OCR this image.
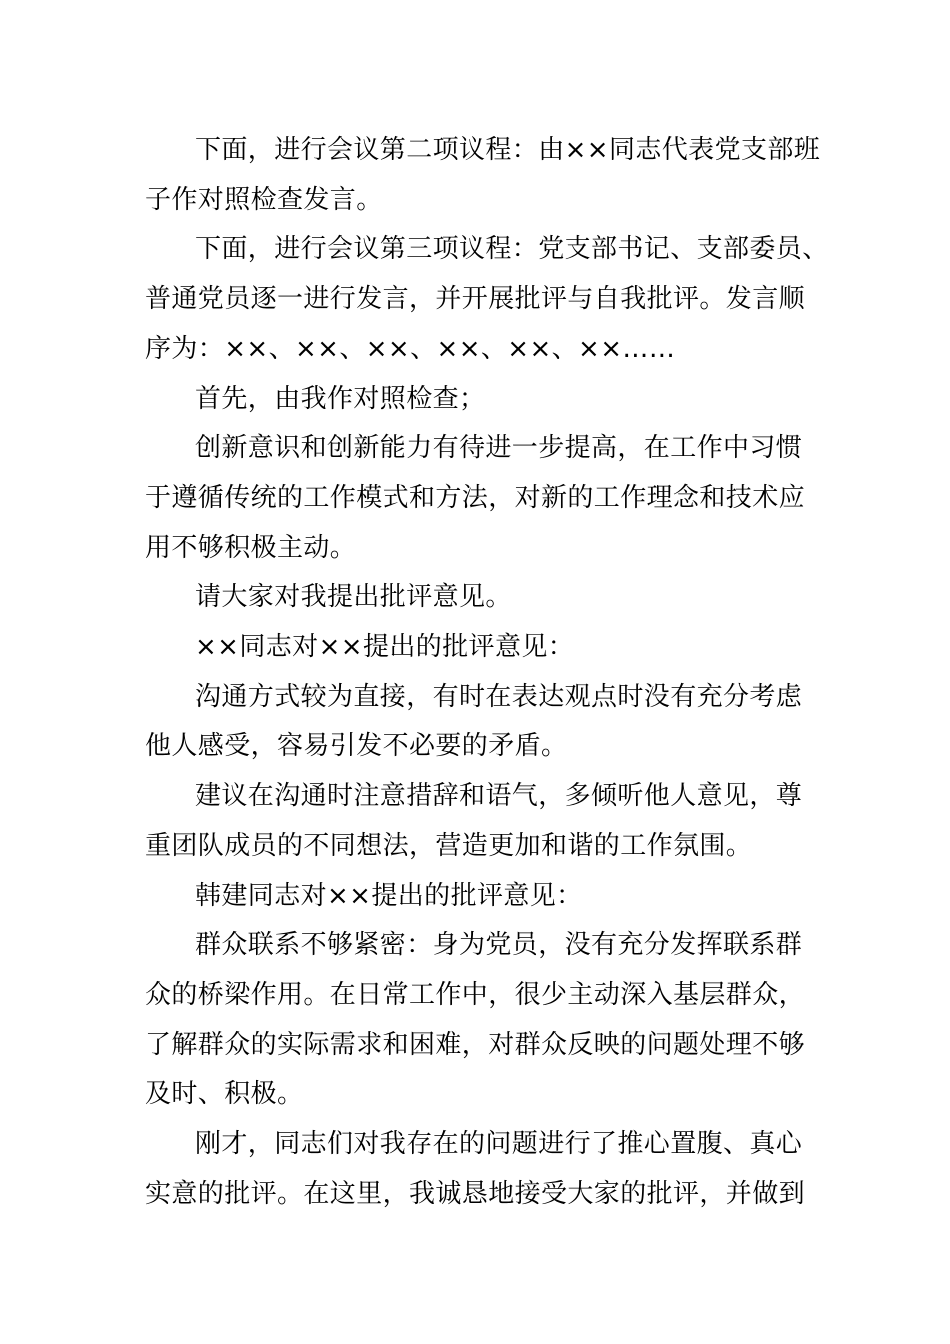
下面，进行会议第二项议程：由××同志代表党支部班
子作对照检查发言。

下面，进行会议第三项议程：党支部书记、支部委员、
普通党员逐一进行发言，并开展批评与自我批评。发言顺
序为：××、××、××、××、××、××……

首先，由我作对照检查；

创新意识和创新能力有待进一步提高，在工作中习惯
于遵循传统的工作模式和方法，对新的工作理念和技术应
用不够积极主动。

请大家对我提出批评意见。

××同志对××提出的批评意见：

沟通方式较为直接，有时在表达观点时没有充分考虑
他人感受，容易引发不必要的矛盾。

建议在沟通时注意措辞和语气，多倾听他人意见，尊
重团队成员的不同想法，营造更加和谐的工作氛围。

韩建同志对××提出的批评意见：

群众联系不够紧密：身为党员，没有充分发挥联系群
众的桥梁作用。在日常工作中，很少主动深入基层群众，
了解群众的实际需求和困难，对群众反映的问题处理不够
及时、积极。

刚才，同志们对我存在的问题进行了推心置腹、真心
实意的批评。在这里，我诚恳地接受大家的批评，并做到
